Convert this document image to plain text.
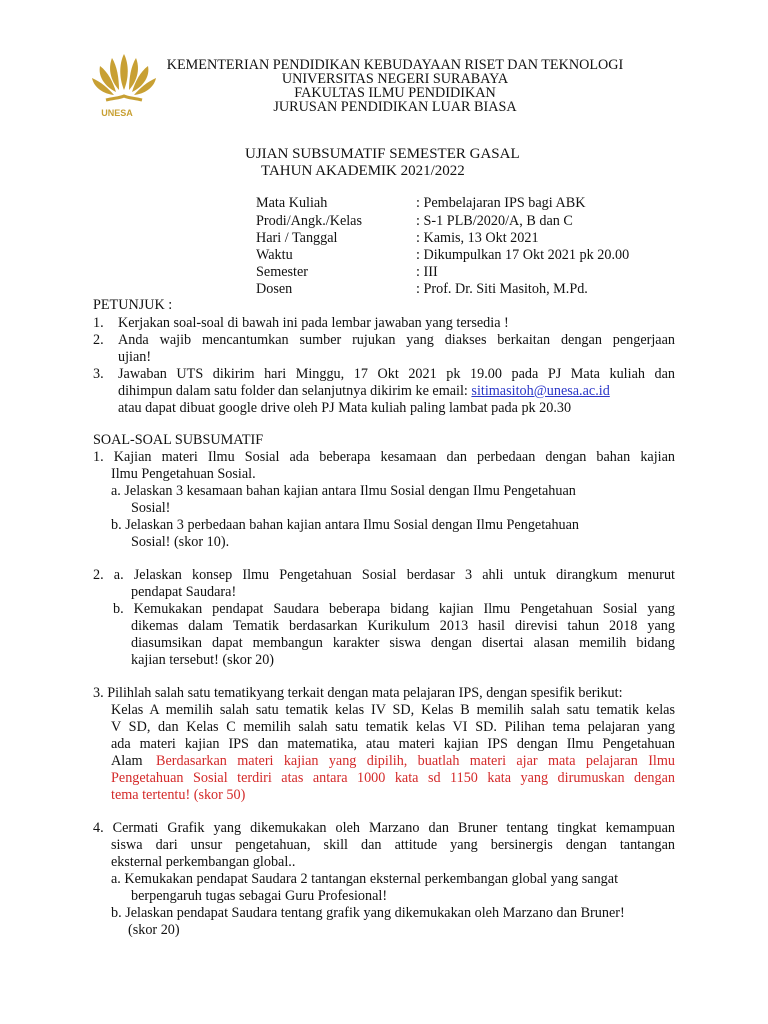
UNESA
KEMENTERIAN PENDIDIKAN KEBUDAYAAN RISET DAN TEKNOLOGI
UNIVERSITAS NEGERI SURABAYA
FAKULTAS ILMU PENDIDIKAN
JURUSAN PENDIDIKAN LUAR BIASA
UJIAN SUBSUMATIF SEMESTER GASAL
TAHUN AKADEMIK 2021/2022
Mata Kuliah	: Pembelajaran IPS bagi ABK
Prodi/Angk./Kelas	: S-1 PLB/2020/A, B dan C
Hari / Tanggal	: Kamis, 13 Okt 2021
Waktu	: Dikumpulkan 17 Okt 2021 pk 20.00
Semester	: III
Dosen	: Prof. Dr. Siti Masitoh, M.Pd.
PETUNJUK :
1. Kerjakan soal-soal di bawah ini pada lembar jawaban yang tersedia !
2. Anda wajib mencantumkan sumber rujukan yang diakses berkaitan dengan pengerjaan
ujian!
3. Jawaban UTS dikirim hari Minggu, 17 Okt 2021 pk 19.00 pada PJ Mata kuliah dan
dihimpun dalam satu folder dan selanjutnya dikirim ke email: sitimasitoh@unesa.ac.id
atau dapat dibuat google drive oleh PJ Mata kuliah paling lambat pada pk 20.30
SOAL-SOAL SUBSUMATIF
1. Kajian materi Ilmu Sosial ada beberapa kesamaan dan perbedaan dengan bahan kajian
Ilmu Pengetahuan Sosial.
a. Jelaskan 3 kesamaan bahan kajian antara Ilmu Sosial dengan Ilmu Pengetahuan
Sosial!
b. Jelaskan 3 perbedaan bahan kajian antara Ilmu Sosial dengan Ilmu Pengetahuan
Sosial! (skor 10).
2. a. Jelaskan konsep Ilmu Pengetahuan Sosial berdasar 3 ahli untuk dirangkum menurut
pendapat Saudara!
b. Kemukakan pendapat Saudara beberapa bidang kajian Ilmu Pengetahuan Sosial yang
dikemas dalam Tematik berdasarkan Kurikulum 2013 hasil direvisi tahun 2018 yang
diasumsikan dapat membangun karakter siswa dengan disertai alasan memilih bidang
kajian tersebut! (skor 20)
3. Pilihlah salah satu tematikyang terkait dengan mata pelajaran IPS, dengan spesifik berikut:
Kelas A memilih salah satu tematik kelas IV SD, Kelas B memilih salah satu tematik kelas
V SD, dan Kelas C memilih salah satu tematik kelas VI SD. Pilihan tema pelajaran yang
ada materi kajian IPS dan matematika, atau materi kajian IPS dengan Ilmu Pengetahuan
Alam Berdasarkan materi kajian yang dipilih, buatlah materi ajar mata pelajaran Ilmu
Pengetahuan Sosial terdiri atas antara 1000 kata sd 1150 kata yang dirumuskan dengan
tema tertentu! (skor 50)
4. Cermati Grafik yang dikemukakan oleh Marzano dan Bruner tentang tingkat kemampuan
siswa dari unsur pengetahuan, skill dan attitude yang bersinergis dengan tantangan
eksternal perkembangan global..
a. Kemukakan pendapat Saudara 2 tantangan eksternal perkembangan global yang sangat
berpengaruh tugas sebagai Guru Profesional!
b. Jelaskan pendapat Saudara tentang grafik yang dikemukakan oleh Marzano dan Bruner!
(skor 20)
